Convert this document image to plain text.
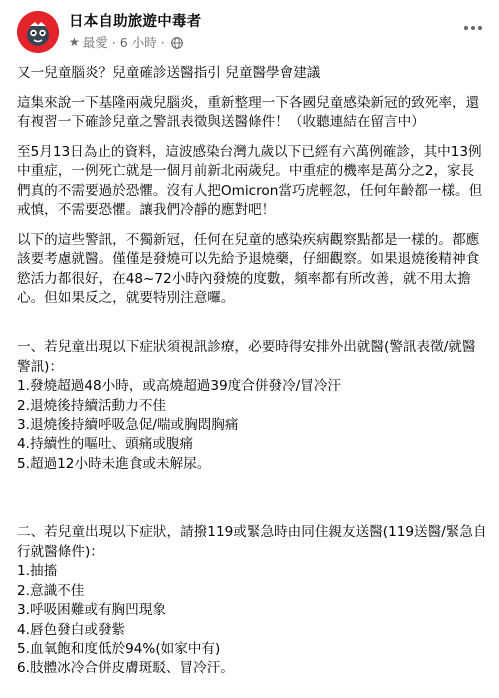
日本自助旅遊中毒者
★ 最愛 · 6 小時 ·

又一兒童腦炎？兒童確診送醫指引 兒童醫學會建議

這集來說一下基隆兩歲兒腦炎，重新整理一下各國兒童感染新冠的致死率，還有複習一下確診兒童之警訊表徵與送醫條件！（收聽連結在留言中）

至5月13日為止的資料，這波感染台灣九歲以下已經有六萬例確診，其中13例中重症，一例死亡就是一個月前新北兩歲兒。中重症的機率是萬分之2，家長們真的不需要過於恐懼。沒有人把Omicron當巧虎輕忽，任何年齡都一樣。但戒慎，不需要恐懼。讓我們冷靜的應對吧！

以下的這些警訊，不獨新冠，任何在兒童的感染疾病觀察點都是一樣的。都應該要考慮就醫。僅僅是發燒可以先給予退燒藥，仔細觀察。如果退燒後精神食慾活力都很好，在48~72小時內發燒的度數，頻率都有所改善，就不用太擔心。但如果反之，就要特別注意囉。

一、若兒童出現以下症狀須視訊診療，必要時得安排外出就醫(警訊表徵/就醫警訊)：

1.發燒超過48小時，或高燒超過39度合併發冷/冒冷汗
2.退燒後持續活動力不佳
3.退燒後持續呼吸急促/喘或胸悶胸痛
4.持續性的嘔吐、頭痛或腹痛
5.超過12小時未進食或未解尿。

二、若兒童出現以下症狀，請撥119或緊急時由同住親友送醫(119送醫/緊急自行就醫條件)：

1.抽搐
2.意識不佳
3.呼吸困難或有胸凹現象
4.唇色發白或發紫
5.血氧飽和度低於94%(如家中有)
6.肢體冰冷合併皮膚斑駁、冒冷汗。
